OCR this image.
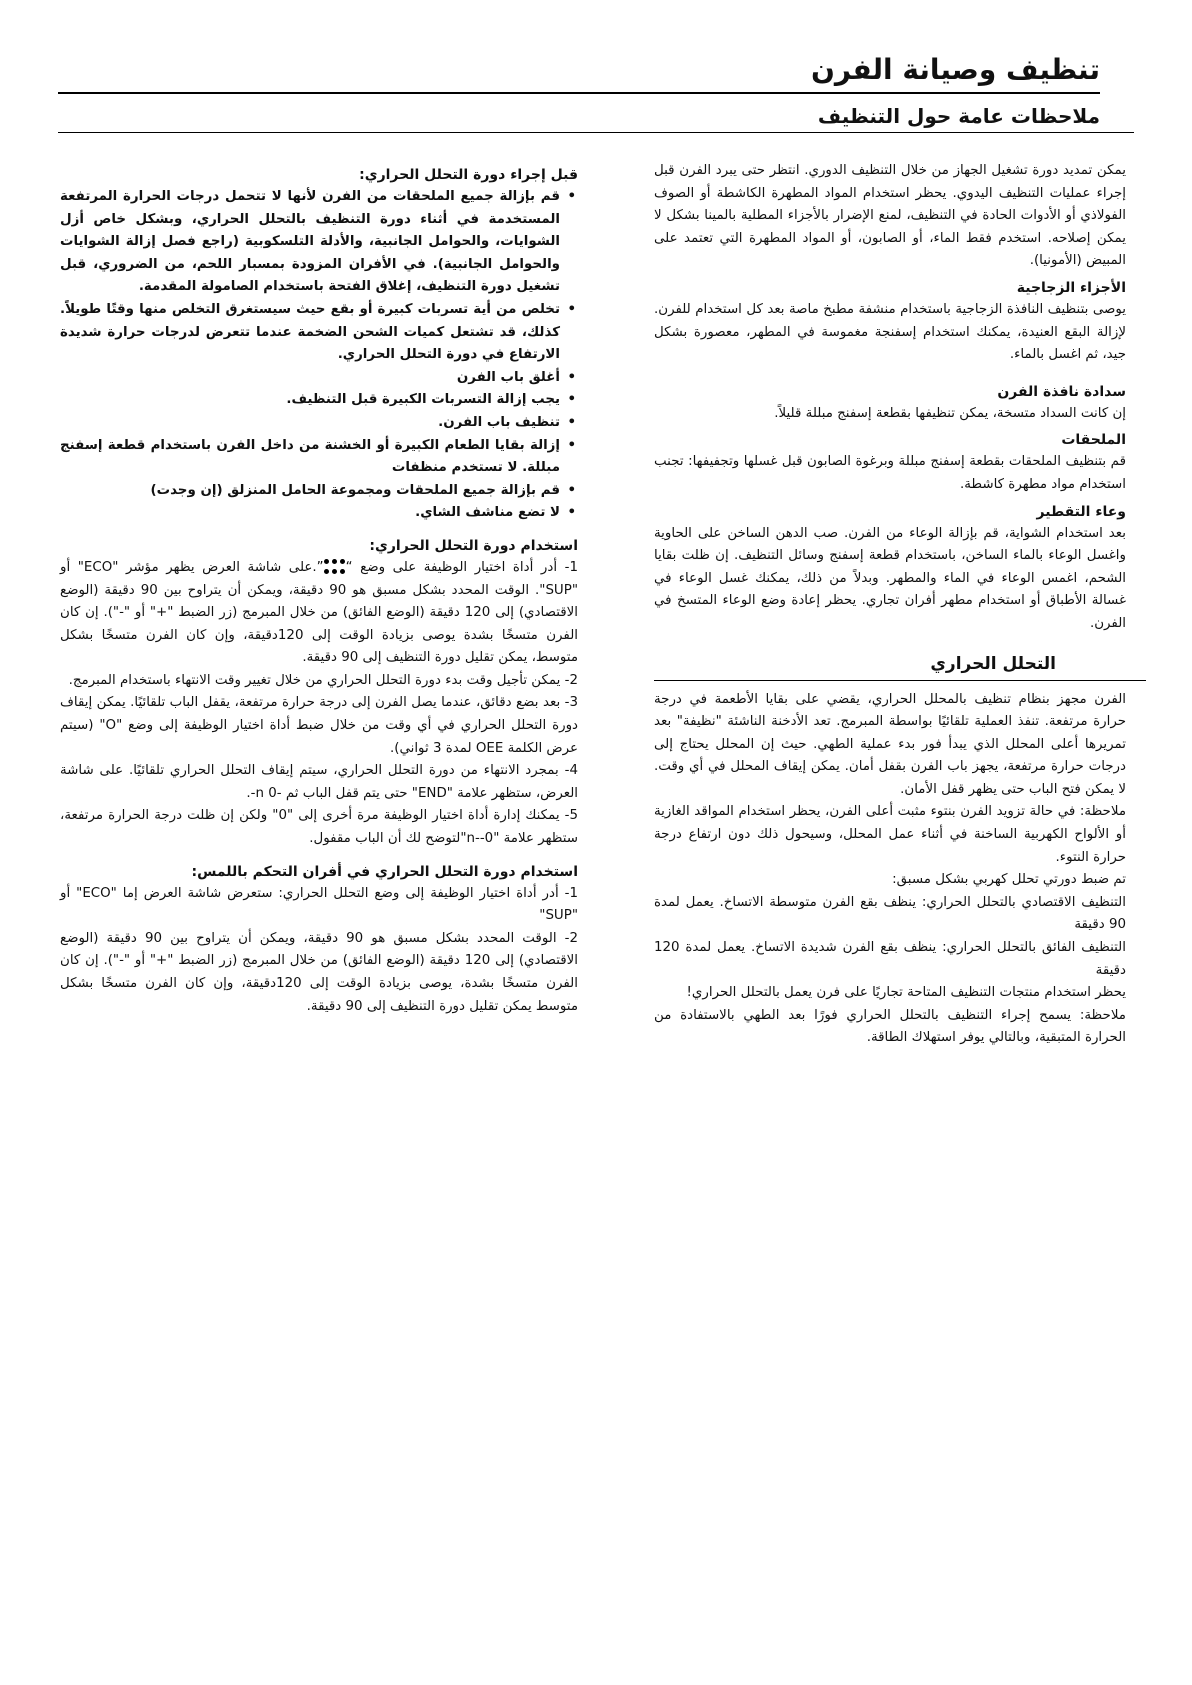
تنظيف وصيانة الفرن
ملاحظات عامة حول التنظيف

يمكن تمديد دورة تشغيل الجهاز من خلال التنظيف الدوري. انتظر حتى يبرد الفرن قبل إجراء عمليات التنظيف اليدوي. يحظر استخدام المواد المطهرة الكاشطة أو الصوف الفولاذي أو الأدوات الحادة في التنظيف، لمنع الإضرار بالأجزاء المطلية بالمينا بشكل لا يمكن إصلاحه. استخدم فقط الماء، أو الصابون، أو المواد المطهرة التي تعتمد على المبيض (الأمونيا).

الأجزاء الزجاجية

يوصى بتنظيف النافذة الزجاجية باستخدام منشفة مطبخ ماصة بعد كل استخدام للفرن. لإزالة البقع العنيدة، يمكنك استخدام إسفنجة مغموسة في المطهر، معصورة بشكل جيد، ثم اغسل بالماء.

سدادة نافذة الفرن

إن كانت السداد متسخة، يمكن تنظيفها بقطعة إسفنج مبللة قليلاً.

الملحقات

قم بتنظيف الملحقات بقطعة إسفنج مبللة وبرغوة الصابون قبل غسلها وتجفيفها: تجنب استخدام مواد مطهرة كاشطة.

وعاء التقطير

بعد استخدام الشواية، قم بإزالة الوعاء من الفرن. صب الدهن الساخن على الحاوية واغسل الوعاء بالماء الساخن، باستخدام قطعة إسفنج وسائل التنظيف. إن ظلت بقايا الشحم، اغمس الوعاء في الماء والمطهر. وبدلاً من ذلك، يمكنك غسل الوعاء في غسالة الأطباق أو استخدام مطهر أفران تجاري. يحظر إعادة وضع الوعاء المتسخ في الفرن.

التحلل الحراري

الفرن مجهز بنظام تنظيف بالمحلل الحراري، يقضي على بقايا الأطعمة في درجة حرارة مرتفعة. تنفذ العملية تلقائيًا بواسطة المبرمج. تعد الأدخنة الناشئة "نظيفة" بعد تمريرها أعلى المحلل الذي يبدأ فور بدء عملية الطهي. حيث إن المحلل يحتاج إلى درجات حرارة مرتفعة، يجهز باب الفرن بقفل أمان. يمكن إيقاف المحلل في أي وقت. لا يمكن فتح الباب حتى يظهر قفل الأمان.

ملاحظة: في حالة تزويد الفرن بنتوء مثبت أعلى الفرن، يحظر استخدام المواقد الغازية أو الألواح الكهربية الساخنة في أثناء عمل المحلل، وسيحول ذلك دون ارتفاع درجة حرارة النتوء.

تم ضبط دورتي تحلل كهربي بشكل مسبق:

التنظيف الاقتصادي بالتحلل الحراري: ينظف بقع الفرن متوسطة الاتساخ. يعمل لمدة 90 دقيقة

التنظيف الفائق بالتحلل الحراري: ينظف بقع الفرن شديدة الاتساخ. يعمل لمدة 120 دقيقة

يحظر استخدام منتجات التنظيف المتاحة تجاريًا على فرن يعمل بالتحلل الحراري!

ملاحظة: يسمح إجراء التنظيف بالتحلل الحراري فورًا بعد الطهي بالاستفادة من الحرارة المتبقية، وبالتالي يوفر استهلاك الطاقة.

قبل إجراء دورة التحلل الحراري:
• قم بإزالة جميع الملحقات من الفرن لأنها لا تتحمل درجات الحرارة المرتفعة المستخدمة في أثناء دورة التنظيف بالتحلل الحراري، وبشكل خاص أزل الشوايات، والحوامل الجانبية، والأدلة التلسكوبية (راجع فصل إزالة الشوايات والحوامل الجانبية). في الأفران المزودة بمسبار اللحم، من الضروري، قبل تشغيل دورة التنظيف، إغلاق الفتحة باستخدام الصامولة المقدمة.
• تخلص من أية تسربات كبيرة أو بقع حيث سيستغرق التخلص منها وقتًا طويلاً. كذلك، قد تشتعل كميات الشحن الضخمة عندما تتعرض لدرجات حرارة شديدة الارتفاع في دورة التحلل الحراري.
• أغلق باب الفرن
• يجب إزالة التسربات الكبيرة قبل التنظيف.
• تنظيف باب الفرن.
• إزالة بقايا الطعام الكبيرة أو الخشنة من داخل الفرن باستخدام قطعة إسفنج مبللة. لا تستخدم منظفات
• قم بإزالة جميع الملحقات ومجموعة الحامل المنزلق (إن وجدت)
• لا تضع مناشف الشاي.
استخدام دورة التحلل الحراري:

1- أدر أداة اختيار الوظيفة على وضع “
”.على شاشة العرض يظهر مؤشر "ECO" أو "SUP". الوقت المحدد بشكل مسبق هو 90 دقيقة، ويمكن أن يتراوح بين 90 دقيقة (الوضع الاقتصادي) إلى 120 دقيقة (الوضع الفائق) من خلال المبرمج (زر الضبط "+" أو "-"). إن كان الفرن متسخًا بشدة يوصى بزيادة الوقت إلى 120دقيقة، وإن كان الفرن متسخًا بشكل متوسط، يمكن تقليل دورة التنظيف إلى 90 دقيقة.

2- يمكن تأجيل وقت بدء دورة التحلل الحراري من خلال تغيير وقت الانتهاء باستخدام المبرمج.

3- بعد بضع دقائق، عندما يصل الفرن إلى درجة حرارة مرتفعة، يقفل الباب تلقائيًا. يمكن إيقاف دورة التحلل الحراري في أي وقت من خلال ضبط أداة اختيار الوظيفة إلى وضع "O" (سيتم عرض الكلمة OEE لمدة 3 ثواني).

4- بمجرد الانتهاء من دورة التحلل الحراري، سيتم إيقاف التحلل الحراري تلقائيًا. على شاشة العرض، ستظهر علامة "END" حتى يتم قفل الباب ثم -0 n-.

5- يمكنك إدارة أداة اختيار الوظيفة مرة أخرى إلى "0" ولكن إن ظلت درجة الحرارة مرتفعة، ستظهر علامة "n--0"لتوضح لك أن الباب مقفول.

استخدام دورة التحلل الحراري في أفران التحكم باللمس:

1- أدر أداة اختيار الوظيفة إلى وضع التحلل الحراري: ستعرض شاشة العرض إما "ECO" أو "SUP"

2- الوقت المحدد بشكل مسبق هو 90 دقيقة، ويمكن أن يتراوح بين 90 دقيقة (الوضع الاقتصادي) إلى 120 دقيقة (الوضع الفائق) من خلال المبرمج (زر الضبط "+" أو "-"). إن كان الفرن متسخًا بشدة، يوصى بزيادة الوقت إلى 120دقيقة، وإن كان الفرن متسخًا بشكل متوسط يمكن تقليل دورة التنظيف إلى 90 دقيقة.
